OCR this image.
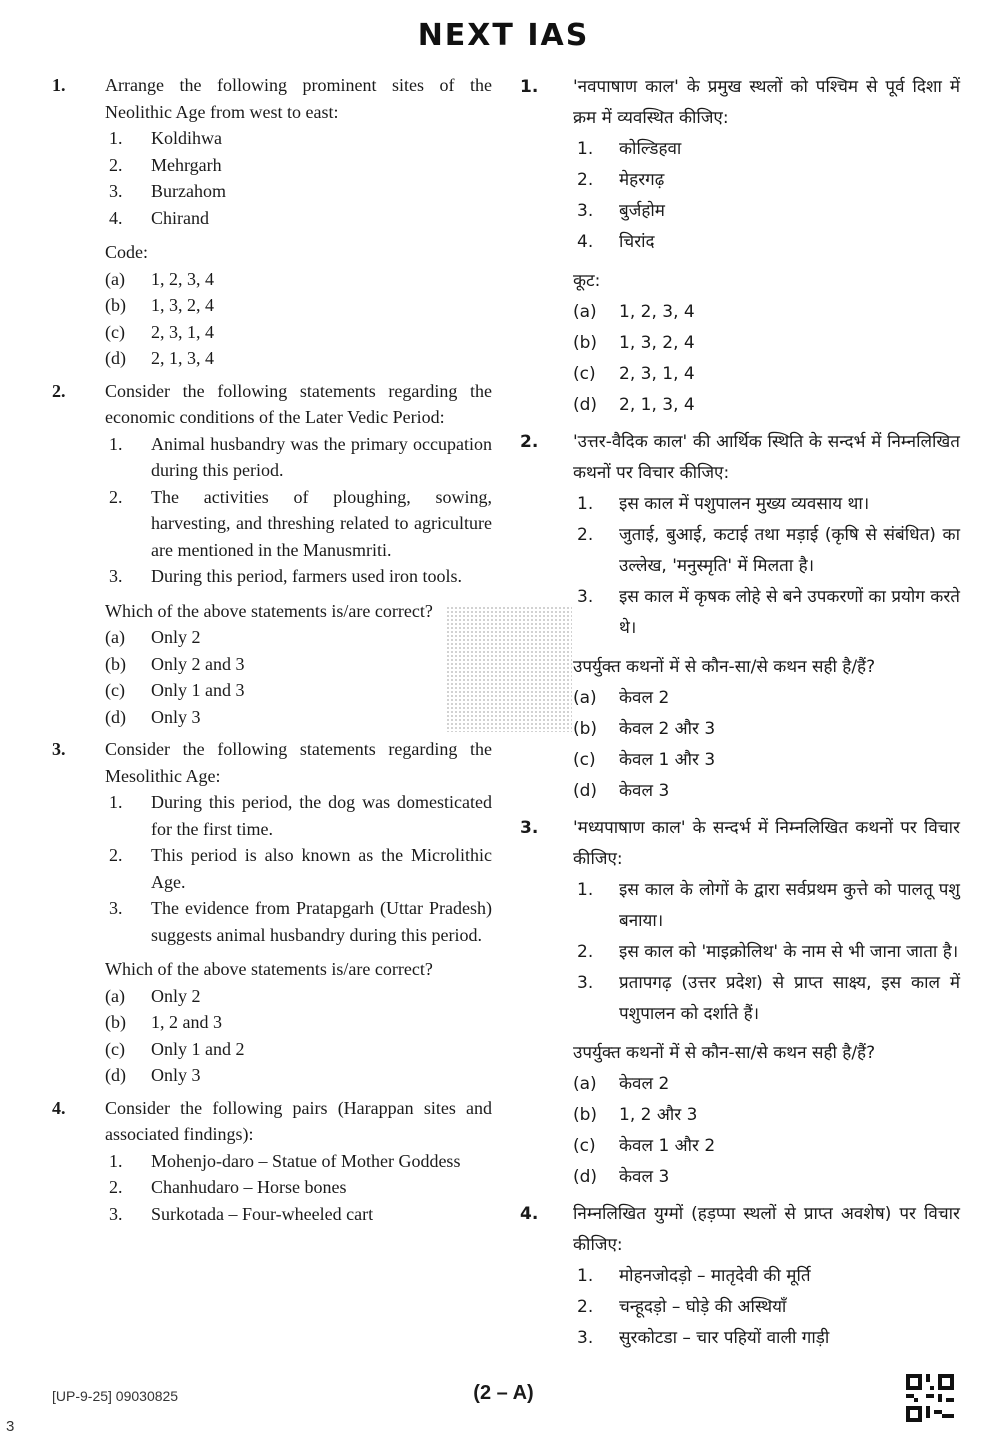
NEXT IAS
1. Arrange the following prominent sites of the Neolithic Age from west to east:
1. Koldihwa
2. Mehrgarh
3. Burzahom
4. Chirand
Code:
(a) 1, 2, 3, 4
(b) 1, 3, 2, 4
(c) 2, 3, 1, 4
(d) 2, 1, 3, 4
2. Consider the following statements regarding the economic conditions of the Later Vedic Period:
1. Animal husbandry was the primary occupation during this period.
2. The activities of ploughing, sowing, harvesting, and threshing related to agriculture are mentioned in the Manusmriti.
3. During this period, farmers used iron tools.
Which of the above statements is/are correct?
(a) Only 2
(b) Only 2 and 3
(c) Only 1 and 3
(d) Only 3
3. Consider the following statements regarding the Mesolithic Age:
1. During this period, the dog was domesticated for the first time.
2. This period is also known as the Microlithic Age.
3. The evidence from Pratapgarh (Uttar Pradesh) suggests animal husbandry during this period.
Which of the above statements is/are correct?
(a) Only 2
(b) 1, 2 and 3
(c) Only 1 and 2
(d) Only 3
4. Consider the following pairs (Harappan sites and associated findings):
1. Mohenjo-daro – Statue of Mother Goddess
2. Chanhudaro – Horse bones
3. Surkotada – Four-wheeled cart
1. 'नवपाषाण काल' के प्रमुख स्थलों को पश्चिम से पूर्व दिशा में क्रम में व्यवस्थित कीजिए:
1. कोल्डिहवा
2. मेहरगढ़
3. बुर्जहोम
4. चिरांद
कूट:
(a) 1, 2, 3, 4
(b) 1, 3, 2, 4
(c) 2, 3, 1, 4
(d) 2, 1, 3, 4
2. 'उत्तर-वैदिक काल' की आर्थिक स्थिति के सन्दर्भ में निम्नलिखित कथनों पर विचार कीजिए:
1. इस काल में पशुपालन मुख्य व्यवसाय था।
2. जुताई, बुआई, कटाई तथा मड़ाई (कृषि से संबंधित) का उल्लेख, 'मनुस्मृति' में मिलता है।
3. इस काल में कृषक लोहे से बने उपकरणों का प्रयोग करते थे।
उपर्युक्त कथनों में से कौन-सा/से कथन सही है/हैं?
(a) केवल 2
(b) केवल 2 और 3
(c) केवल 1 और 3
(d) केवल 3
3. 'मध्यपाषाण काल' के सन्दर्भ में निम्नलिखित कथनों पर विचार कीजिए:
1. इस काल के लोगों के द्वारा सर्वप्रथम कुत्ते को पालतू पशु बनाया।
2. इस काल को 'माइक्रोलिथ' के नाम से भी जाना जाता है।
3. प्रतापगढ़ (उत्तर प्रदेश) से प्राप्त साक्ष्य, इस काल में पशुपालन को दर्शाते हैं।
उपर्युक्त कथनों में से कौन-सा/से कथन सही है/हैं?
(a) केवल 2
(b) 1, 2 और 3
(c) केवल 1 और 2
(d) केवल 3
4. निम्नलिखित युग्मों (हड़प्पा स्थलों से प्राप्त अवशेष) पर विचार कीजिए:
1. मोहनजोदड़ो – मातृदेवी की मूर्ति
2. चन्हूदड़ो – घोड़े की अस्थियाँ
3. सुरकोटडा – चार पहियों वाली गाड़ी
[UP-9-25] 09030825	(2 – A)
3
